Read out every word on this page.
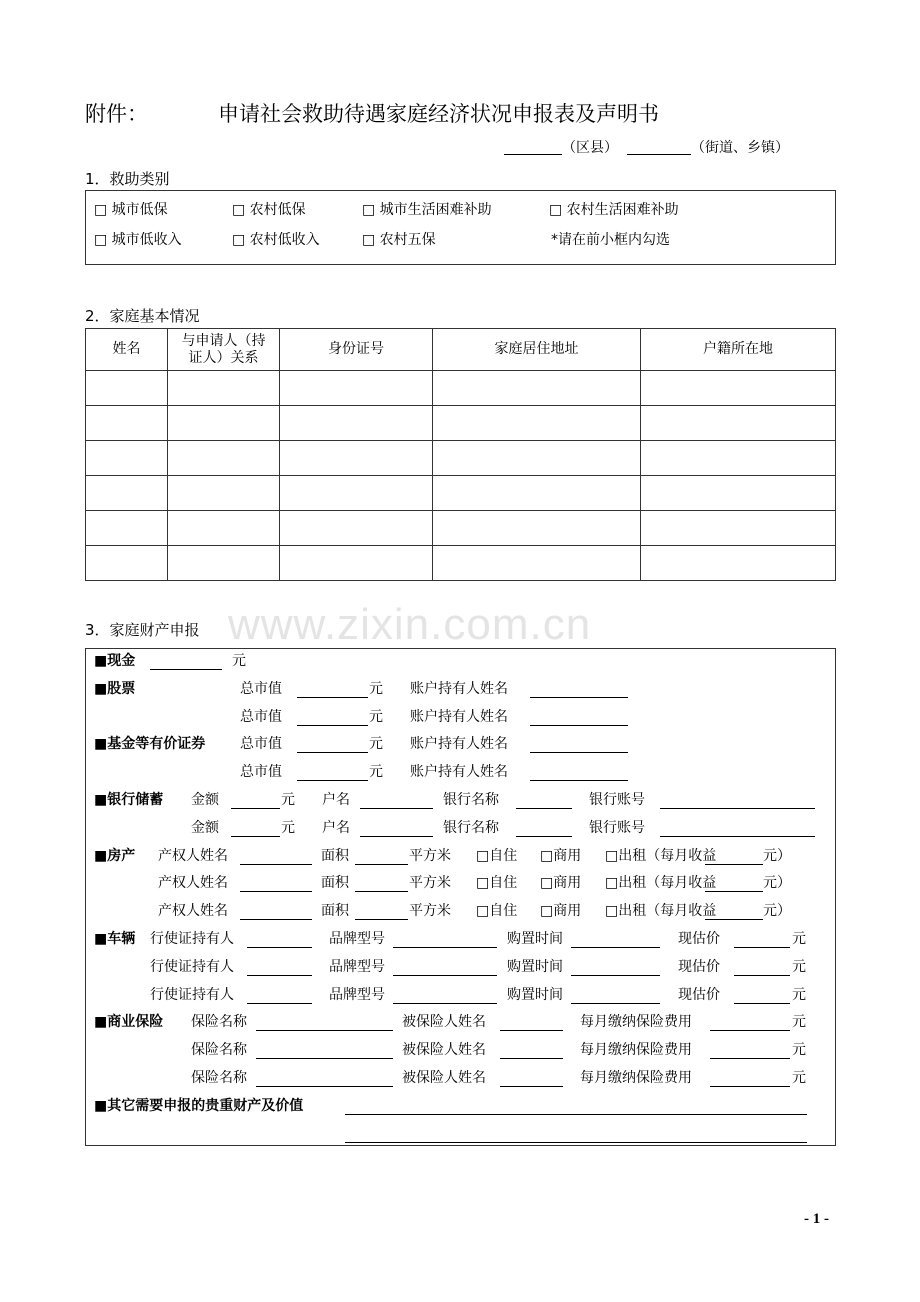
www.zixin.com.cn
附件：	申请社会救助待遇家庭经济状况申报表及声明书
（区县）	（街道、乡镇）
1．救助类别
□ 城市低保	□ 农村低保	□ 城市生活困难补助	□ 农村生活困难补助
□ 城市低收入	□ 农村低收入	□ 农村五保	*请在前小框内勾选
2．家庭基本情况
姓名	与申请人（持证人）关系	身份证号	家庭居住地址	户籍所在地

3．家庭财产申报
■现金	元
■股票	总市值	元 账户持有人姓名
总市值	元 账户持有人姓名
■基金等有价证券 总市值	元 账户持有人姓名
总市值	元 账户持有人姓名
■银行储蓄 金额	元 户名	银行名称	银行账号
金额	元 户名	银行名称	银行账号
■房产 产权人姓名	面积	平方米 □自住 □商用 □出租（每月收益	元）
产权人姓名	面积	平方米 □自住 □商用 □出租（每月收益	元）
产权人姓名	面积	平方米 □自住 □商用 □出租（每月收益	元）
■车辆 行使证持有人	品牌型号	购置时间	现估价	元
行使证持有人	品牌型号	购置时间	现估价	元
行使证持有人	品牌型号	购置时间	现估价	元
■商业保险 保险名称	被保险人姓名	每月缴纳保险费用	元
保险名称	被保险人姓名	每月缴纳保险费用	元
保险名称	被保险人姓名	每月缴纳保险费用	元
■其它需要申报的贵重财产及价值
- 1 -
